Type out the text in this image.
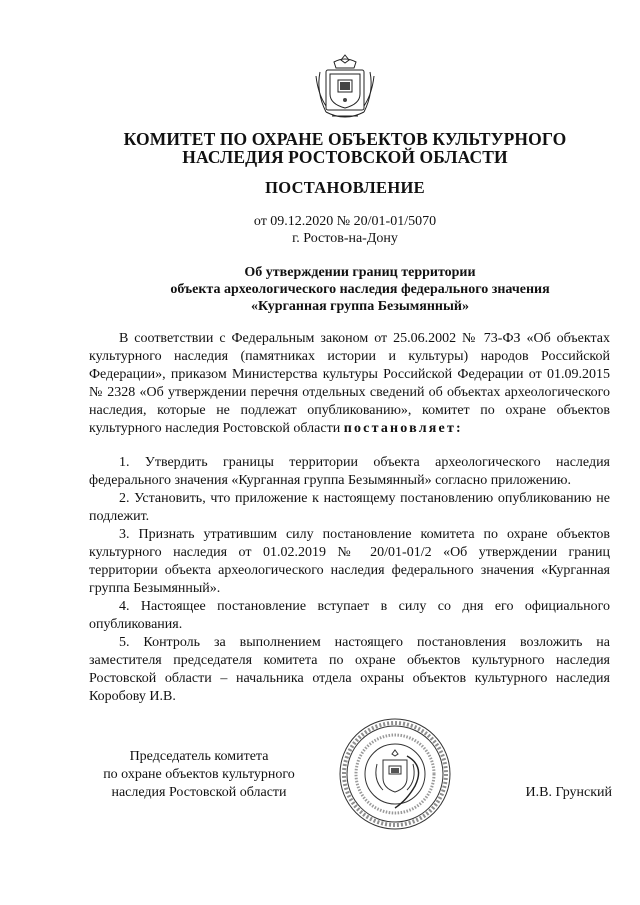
КОМИТЕТ ПО ОХРАНЕ ОБЪЕКТОВ КУЛЬТУРНОГО
НАСЛЕДИЯ РОСТОВСКОЙ ОБЛАСТИ
ПОСТАНОВЛЕНИЕ
от 09.12.2020 № 20/01-01/5070
г. Ростов-на-Дону
Об утверждении границ территории
объекта археологического наследия федерального значения
«Курганная группа Безымянный»

В соответствии с Федеральным законом от 25.06.2002 № 73-ФЗ «Об объектах культурного наследия (памятниках истории и культуры) народов Российской Федерации», приказом Министерства культуры Российской Федерации от 01.09.2015 № 2328 «Об утверждении перечня отдельных сведений об объектах археологического наследия, которые не подлежат опубликованию», комитет по охране объектов культурного наследия Ростовской области постановляет:

1. Утвердить границы территории объекта археологического наследия федерального значения «Курганная группа Безымянный» согласно приложению.

2. Установить, что приложение к настоящему постановлению опубликованию не подлежит.

3. Признать утратившим силу постановление комитета по охране объектов культурного наследия от 01.02.2019 № 20/01-01/2 «Об утверждении границ территории объекта археологического наследия федерального значения «Курганная группа Безымянный».

4. Настоящее постановление вступает в силу со дня его официального опубликования.

5. Контроль за выполнением настоящего постановления возложить на заместителя председателя комитета по охране объектов культурного наследия Ростовской области – начальника отдела охраны объектов культурного наследия Коробову И.В.

Председатель комитета
по охране объектов культурного
наследия Ростовской области	И.В. Грунский
